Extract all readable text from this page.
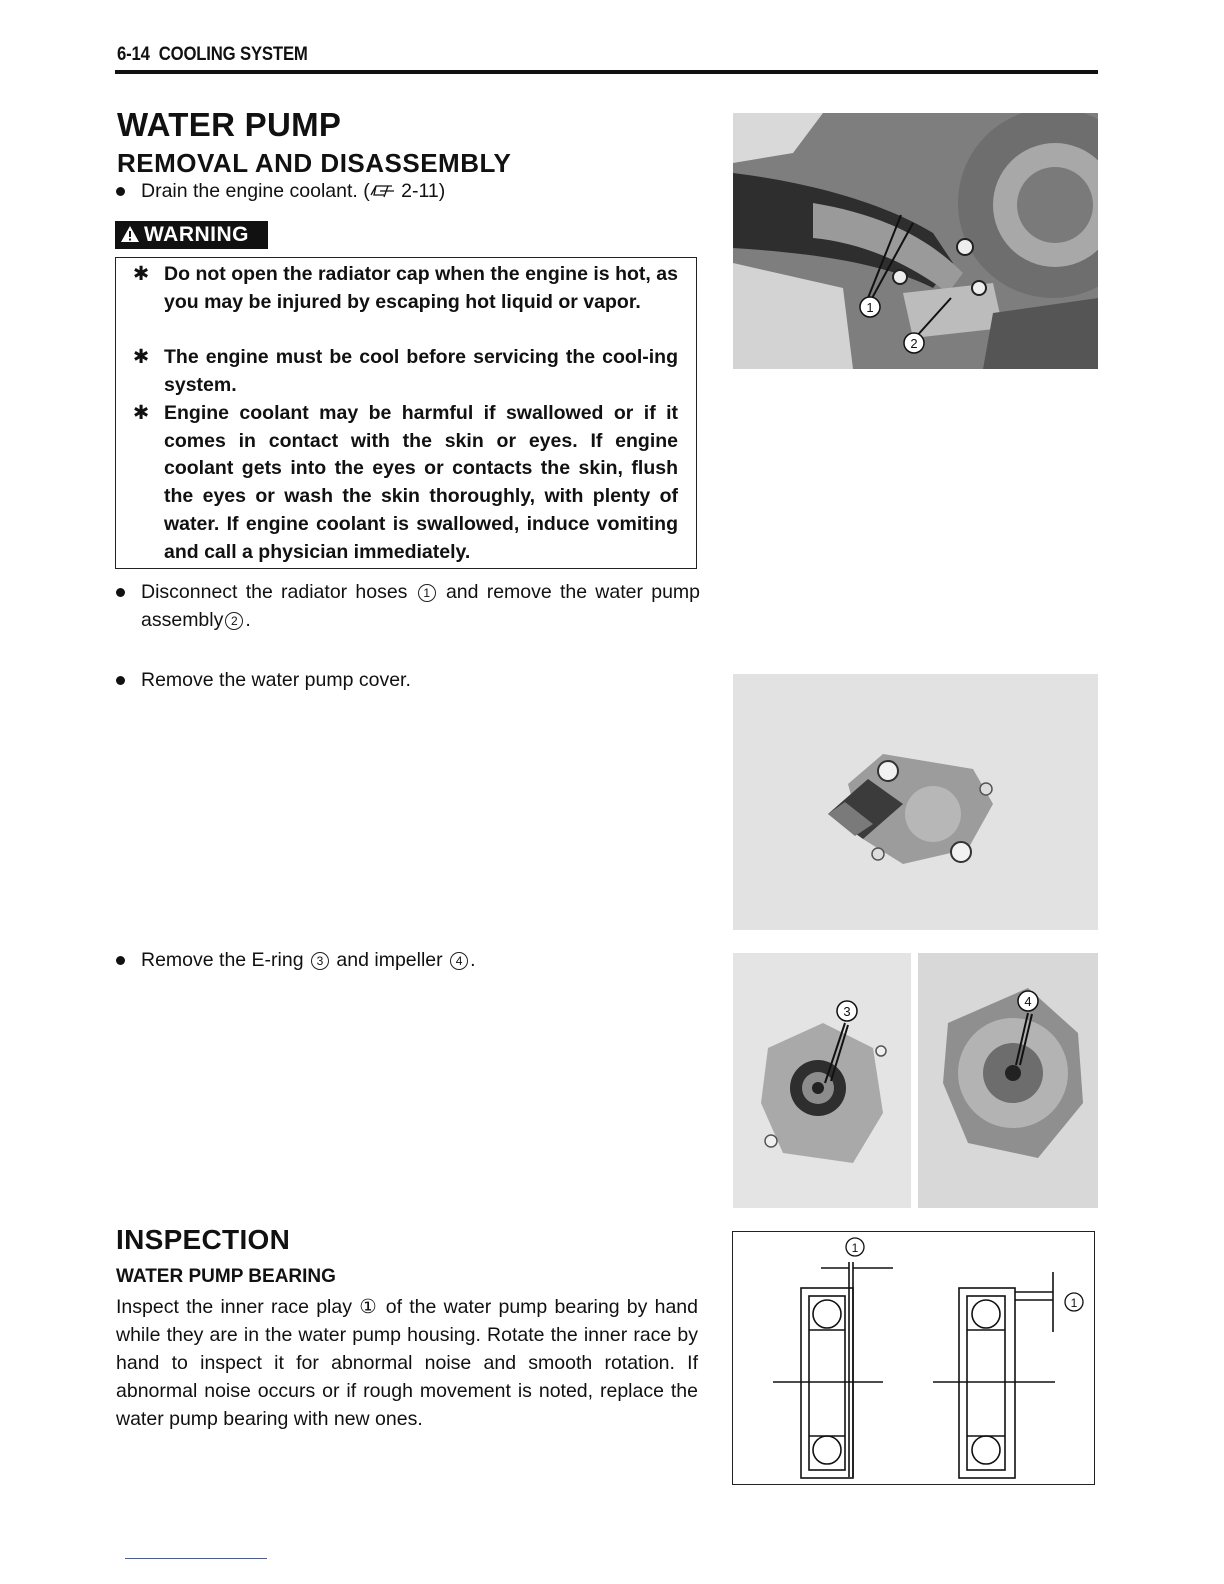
6-14 COOLING SYSTEM
WATER PUMP
REMOVAL AND DISASSEMBLY
Drain the engine coolant. ( 2-11)
WARNING
✱ Do not open the radiator cap when the engine is hot, as you may be injured by escaping hot liquid or vapor.
✱ The engine must be cool before servicing the cool-ing system.
✱ Engine coolant may be harmful if swallowed or if it comes in contact with the skin or eyes. If engine coolant gets into the eyes or contacts the skin, flush the eyes or wash the skin thoroughly, with plenty of water. If engine coolant is swallowed, induce vomiting and call a physician immediately.
Disconnect the radiator hoses 1 and remove the water pump assembly 2 .
Remove the water pump cover.
Remove the E-ring 3 and impeller 4 .
INSPECTION
WATER PUMP BEARING
Inspect the inner race play ① of the water pump bearing by hand while they are in the water pump housing. Rotate the inner race by hand to inspect it for abnormal noise and smooth rotation. If abnormal noise occurs or if rough movement is noted, replace the water pump bearing with new ones.
1
2
3
4
1
1
